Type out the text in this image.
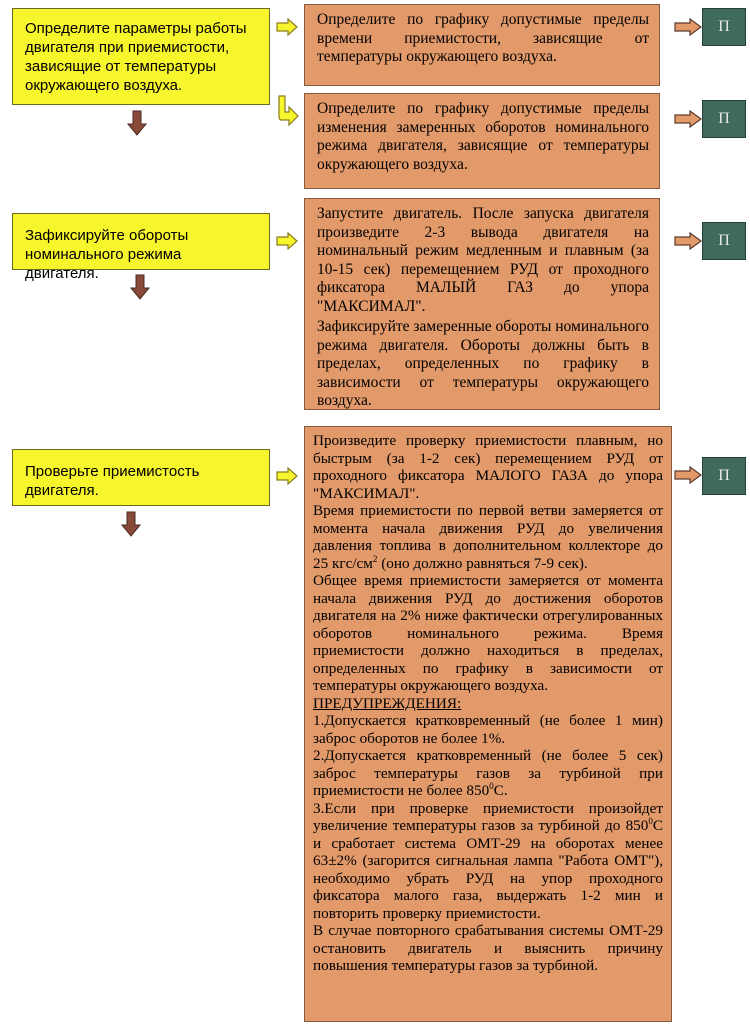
Определите параметры работы двигателя при приемистости, зависящие от температуры окружающего воздуха.

Определите по графику допустимые пределы времени приемистости, зависящие от температуры окружающего воздуха.

П

Определите по графику допустимые пределы изменения замеренных оборотов номинального режима двигателя, зависящие от температуры окружающего воздуха.

П
Зафиксируйте обороты номинального режима двигателя.

Запустите двигатель. После запуска двигателя произведите 2-3 вывода двигателя на номинальный режим медленным и плавным (за 10-15 сек) перемещением РУД от проходного фиксатора МАЛЫЙ ГАЗ до упора "МАКСИМАЛ".

Зафиксируйте замеренные обороты номинального режима двигателя. Обороты должны быть в пределах, определенных по графику в зависимости от температуры окружающего воздуха.

П
Проверьте приемистость двигателя.

Произведите проверку приемистости плавным, но быстрым (за 1-2 сек) перемещением РУД от проходного фиксатора МАЛОГО ГАЗА до упора "МАКСИМАЛ".

Время приемистости по первой ветви замеряется от момента начала движения РУД до увеличения давления топлива в дополнительном коллекторе до 25 кгс/$см^2$ (оно должно равняться 7-9 сек).

Общее время приемистости замеряется от момента начала движения РУД до достижения оборотов двигателя на 2% ниже фактически отрегулированных оборотов номинального режима. Время приемистости должно находиться в пределах, определенных по графику в зависимости от температуры окружающего воздуха.

ПРЕДУПРЕЖДЕНИЯ:

1.Допускается кратковременный (не более 1 мин) заброс оборотов не более 1%.

2.Допускается кратковременный (не более 5 сек) заброс температуры газов за турбиной при приемистости не более $850^0С$.

3.Если при проверке приемистости произойдет увеличение температуры газов за турбиной до $850^0С$ и сработает система ОМТ-29 на оборотах менее 63±2% (загорится сигнальная лампа "Работа ОМТ"), необходимо убрать РУД на упор проходного фиксатора малого газа, выдержать 1-2 мин и повторить проверку приемистости.

В случае повторного срабатывания системы ОМТ-29 остановить двигатель и выяснить причину повышения температуры газов за турбиной.

П
